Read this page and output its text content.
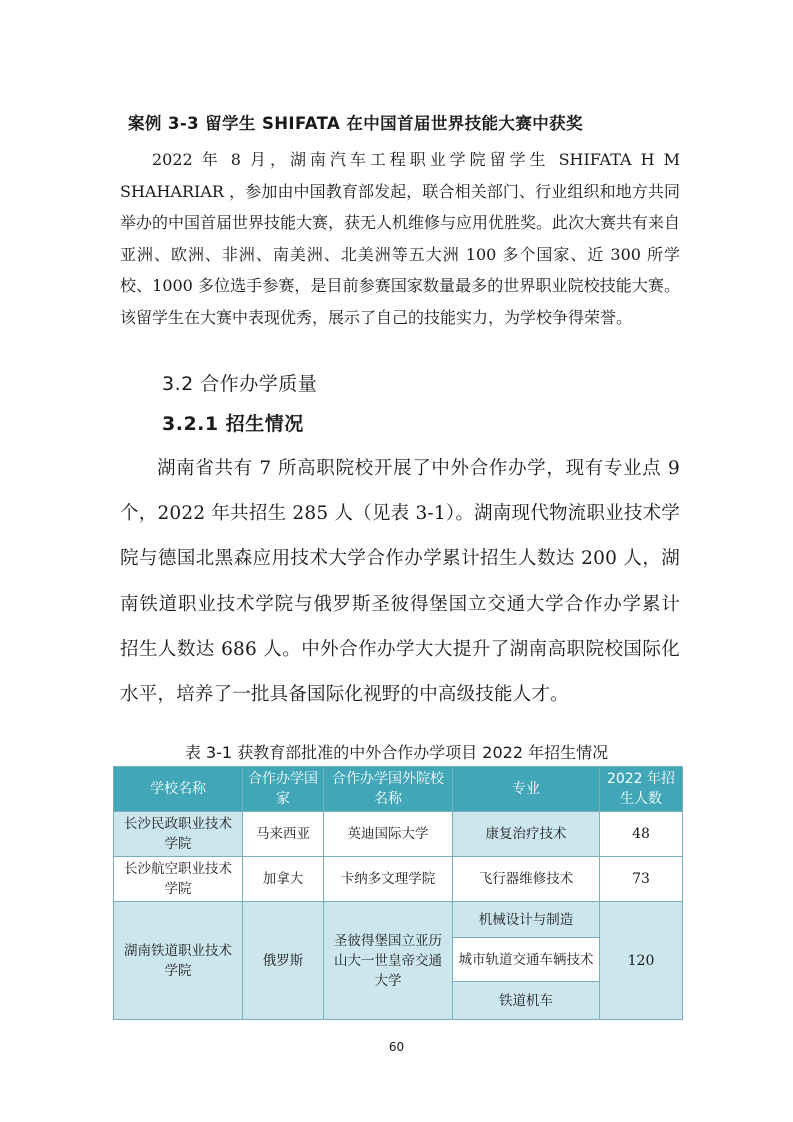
案例 3-3 留学生 SHIFATA 在中国首届世界技能大赛中获奖

2022 年 8 月，湖南汽车工程职业学院留学生 SHIFATA H M SHAHARIAR ，参加由中国教育部发起，联合相关部门、行业组织和地方共同举办的中国首届世界技能大赛，获无人机维修与应用优胜奖。此次大赛共有来自亚洲、欧洲、非洲、南美洲、北美洲等五大洲 100 多个国家、近 300 所学校、1000 多位选手参赛，是目前参赛国家数量最多的世界职业院校技能大赛。该留学生在大赛中表现优秀，展示了自己的技能实力，为学校争得荣誉。

3.2 合作办学质量
3.2.1 招生情况

湖南省共有 7 所高职院校开展了中外合作办学，现有专业点 9 个，2022 年共招生 285 人（见表 3-1）。湖南现代物流职业技术学院与德国北黑森应用技术大学合作办学累计招生人数达 200 人，湖南铁道职业技术学院与俄罗斯圣彼得堡国立交通大学合作办学累计招生人数达 686 人。中外合作办学大大提升了湖南高职院校国际化水平，培养了一批具备国际化视野的中高级技能人才。

表 3-1 获教育部批准的中外合作办学项目 2022 年招生情况
学校名称	合作办学国家	合作办学国外院校名称	专业	2022 年招生人数
长沙民政职业技术学院	马来西亚	英迪国际大学	康复治疗技术	48
长沙航空职业技术学院	加拿大	卡纳多文理学院	飞行器维修技术	73
湖南铁道职业技术学院	俄罗斯	圣彼得堡国立亚历山大一世皇帝交通大学	机械设计与制造	120
			城市轨道交通车辆技术	
			铁道机车	
60
